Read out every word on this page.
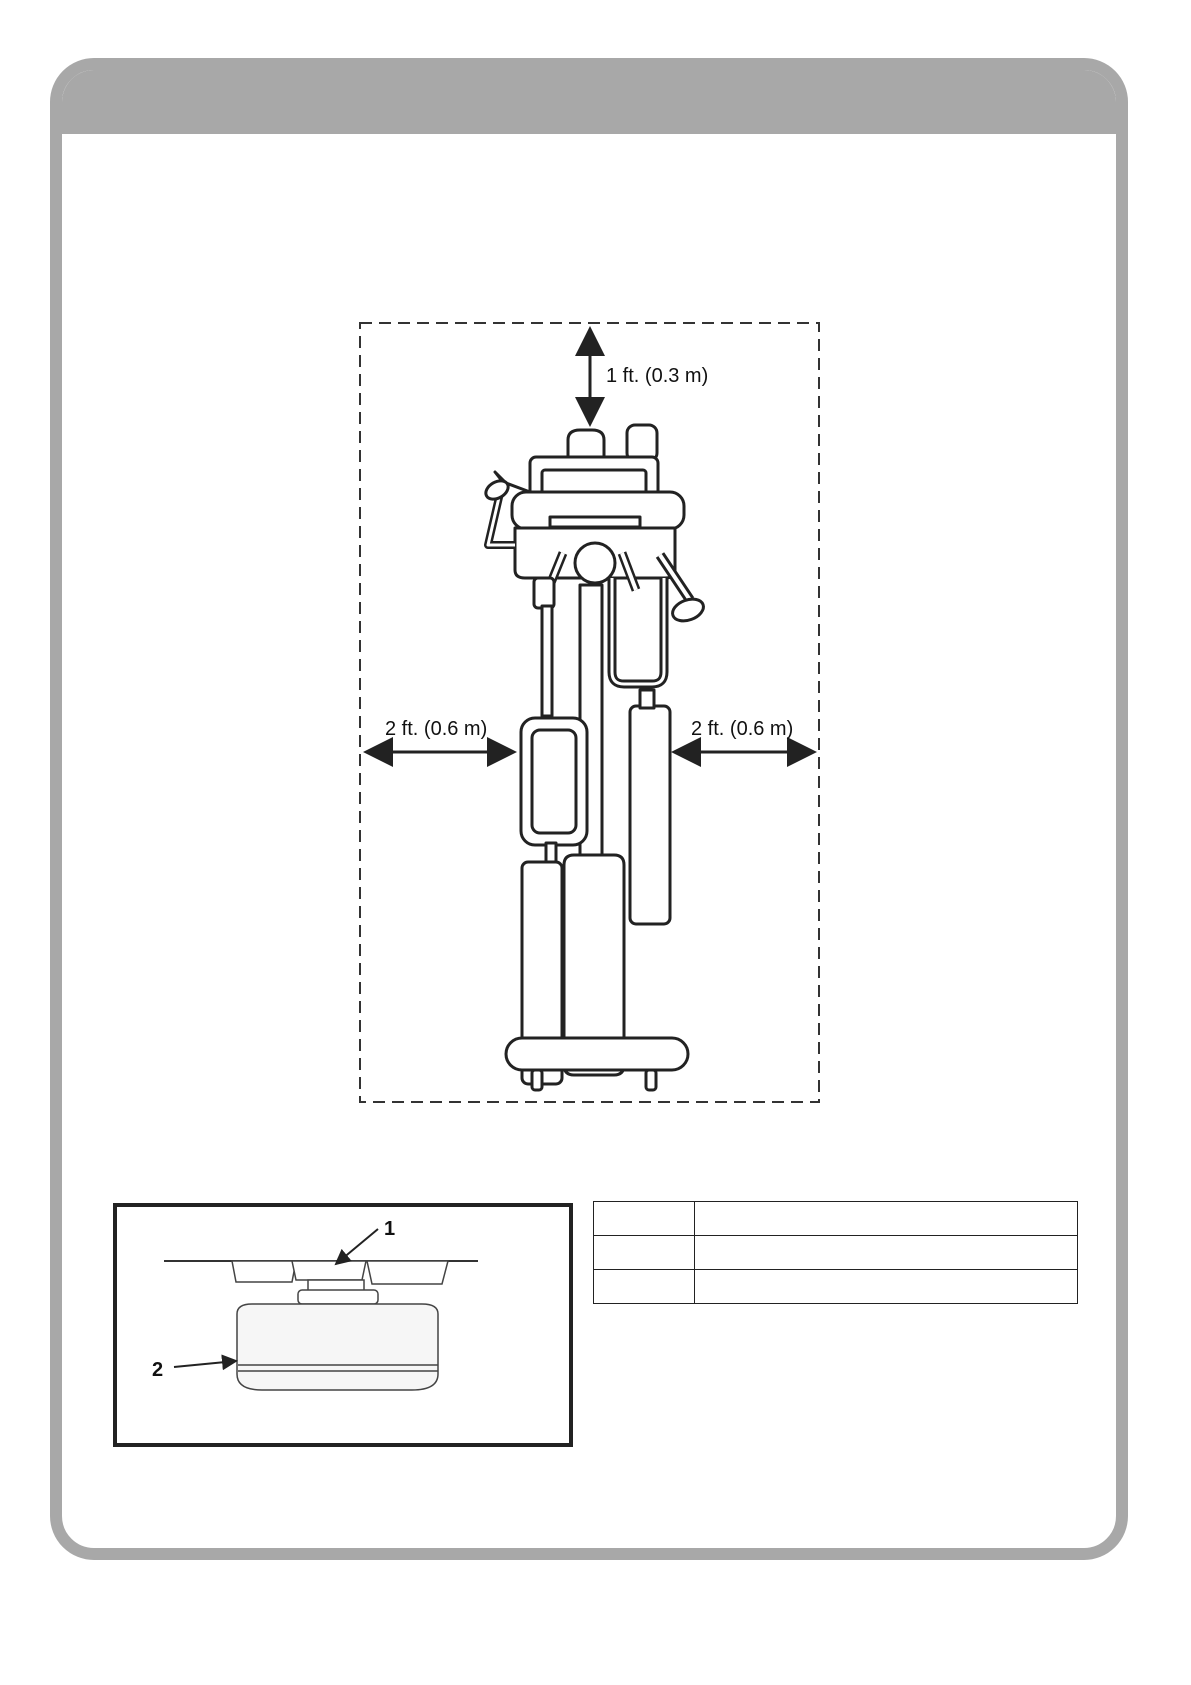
1 ft. (0.3 m)
2 ft. (0.6 m)	2 ft. (0.6 m)
1
2
